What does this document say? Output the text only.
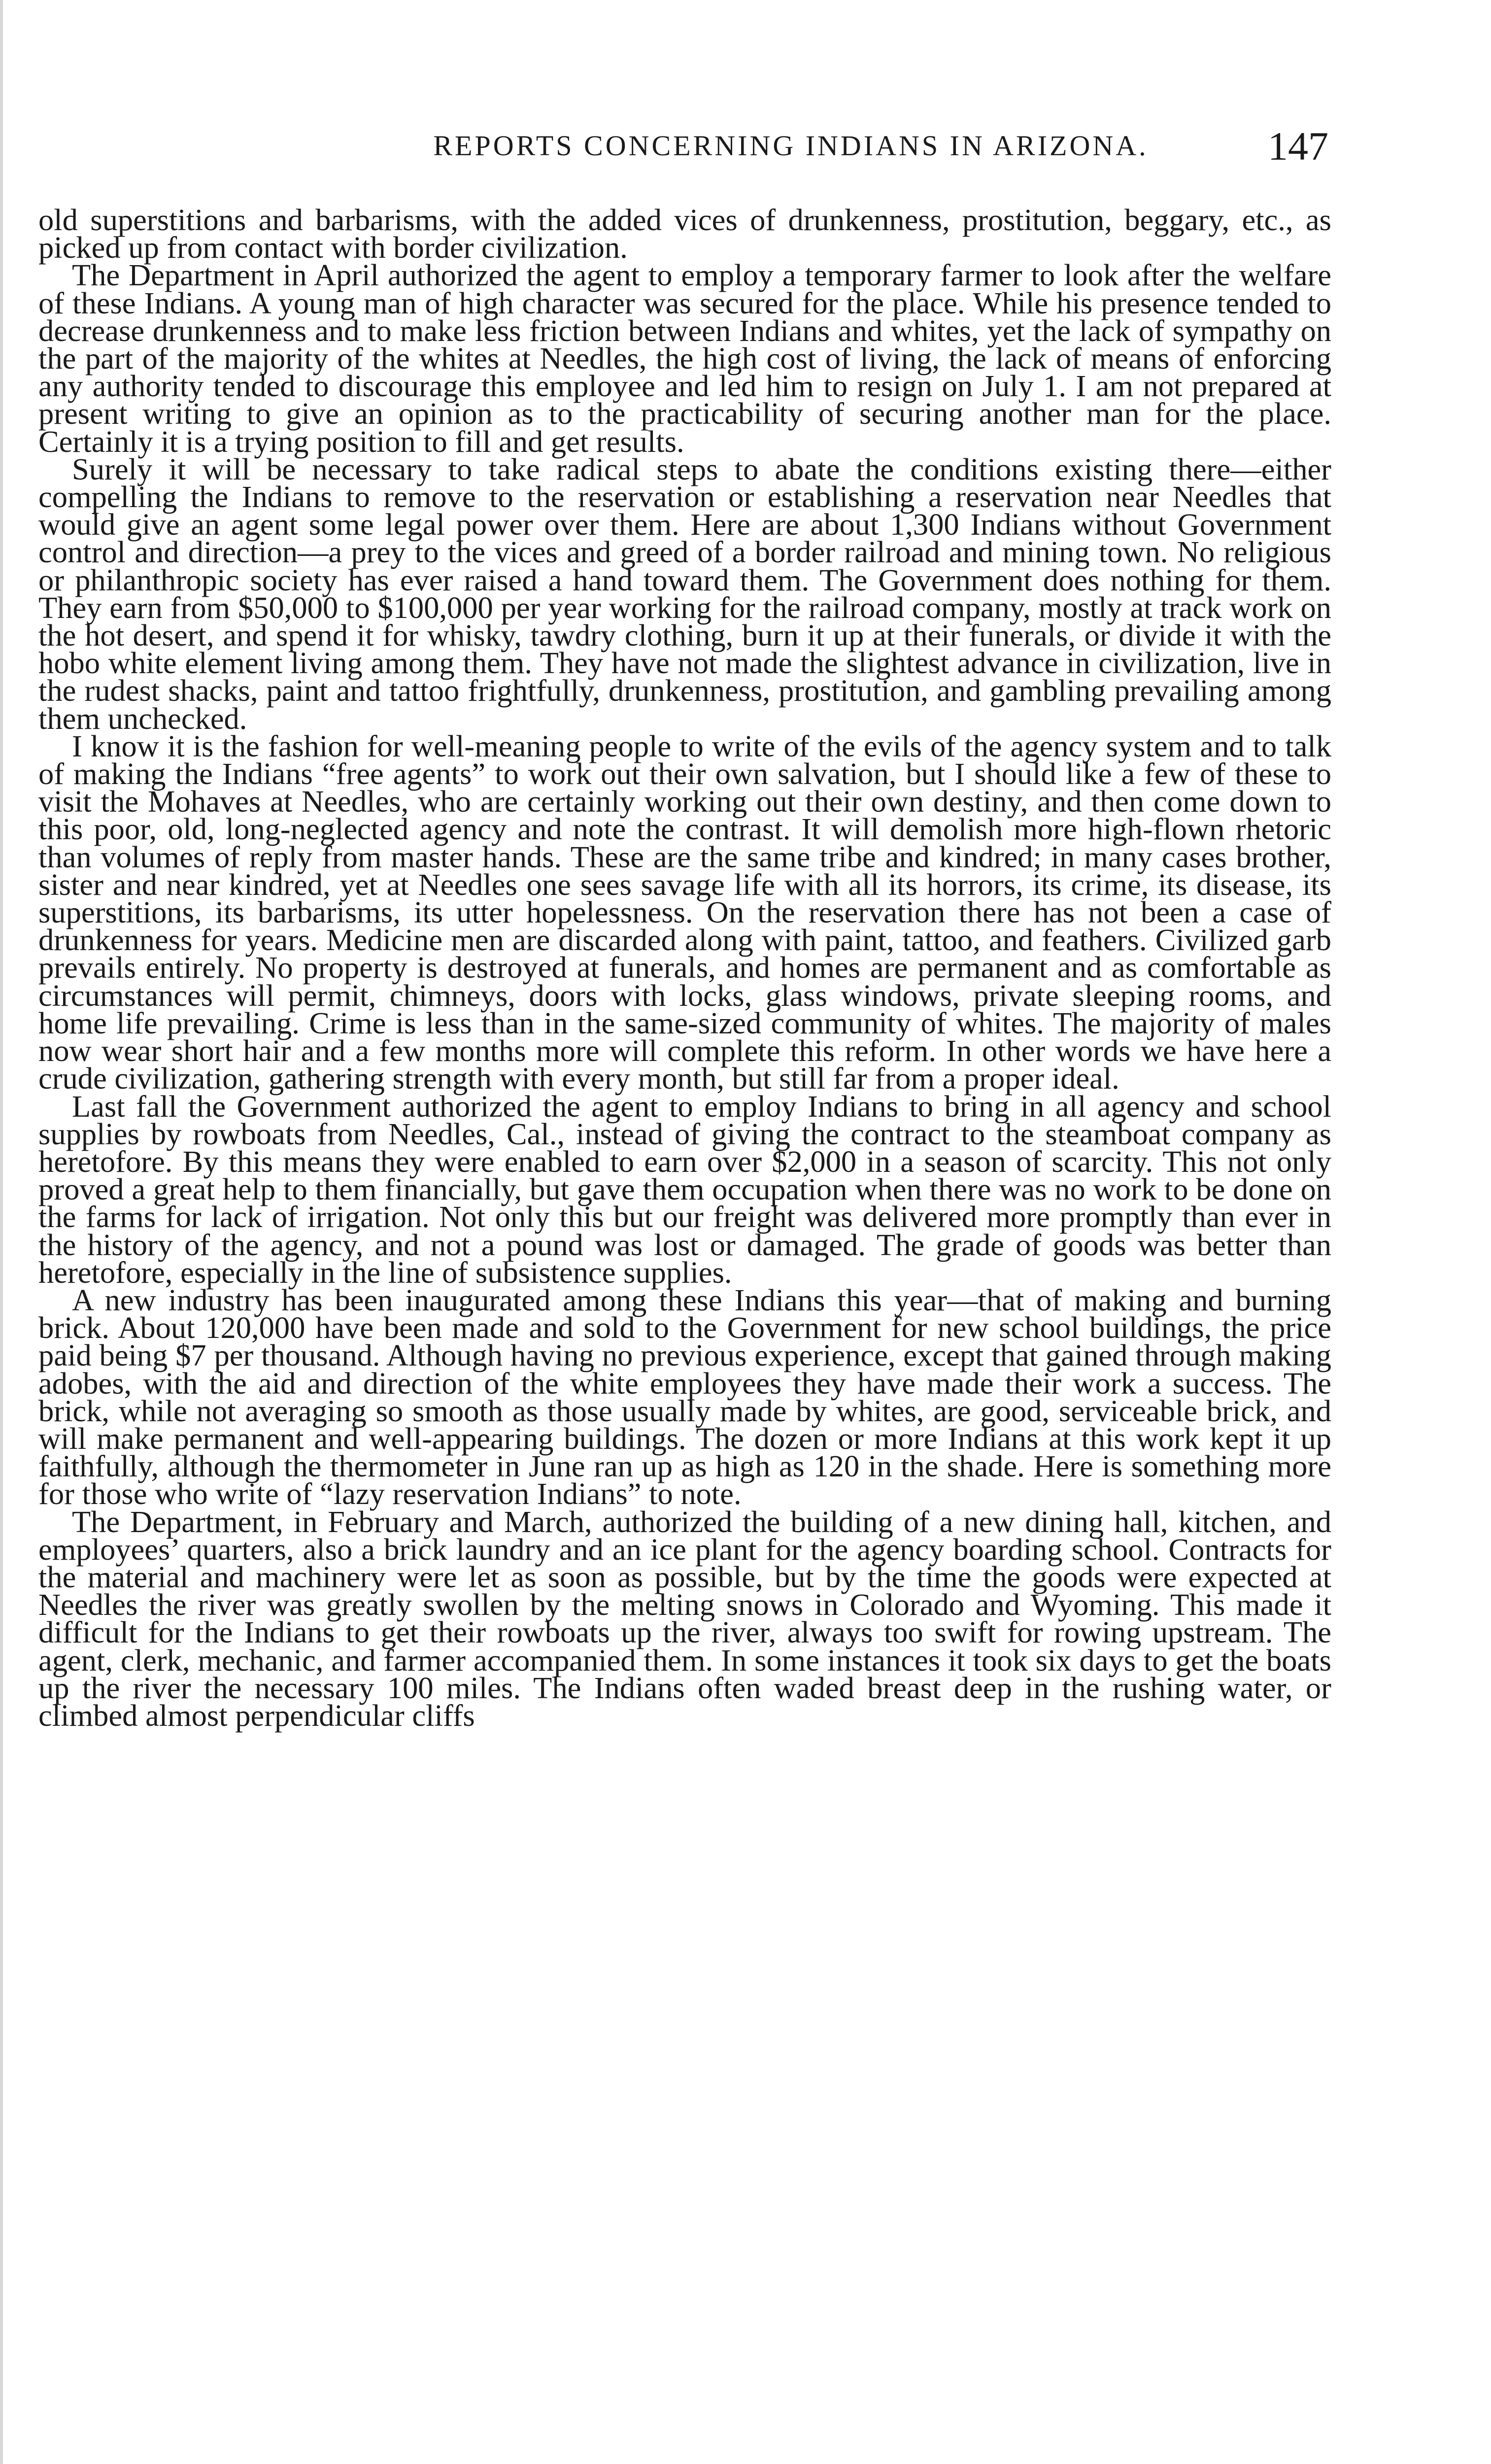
REPORTS CONCERNING INDIANS IN ARIZONA.	147

old superstitions and barbarisms, with the added vices of drunkenness, prostitution, beggary, etc., as picked up from contact with border civilization.

The Department in April authorized the agent to employ a temporary farmer to look after the welfare of these Indians. A young man of high character was secured for the place. While his presence tended to decrease drunkenness and to make less friction between Indians and whites, yet the lack of sympathy on the part of the majority of the whites at Needles, the high cost of living, the lack of means of enforcing any authority tended to discourage this employee and led him to resign on July 1. I am not prepared at present writing to give an opinion as to the practicability of securing another man for the place. Certainly it is a trying position to fill and get results.

Surely it will be necessary to take radical steps to abate the conditions existing there—either compelling the Indians to remove to the reservation or establishing a reservation near Needles that would give an agent some legal power over them. Here are about 1,300 Indians without Government control and direction—a prey to the vices and greed of a border railroad and mining town. No religious or philanthropic society has ever raised a hand toward them. The Government does nothing for them. They earn from $50,000 to $100,000 per year working for the railroad company, mostly at track work on the hot desert, and spend it for whisky, tawdry clothing, burn it up at their funerals, or divide it with the hobo white element living among them. They have not made the slightest advance in civilization, live in the rudest shacks, paint and tattoo frightfully, drunkenness, prostitution, and gambling prevailing among them unchecked.

I know it is the fashion for well-meaning people to write of the evils of the agency system and to talk of making the Indians “free agents” to work out their own salvation, but I should like a few of these to visit the Mohaves at Needles, who are certainly working out their own destiny, and then come down to this poor, old, long-neglected agency and note the contrast. It will demolish more high-flown rhetoric than volumes of reply from master hands. These are the same tribe and kindred; in many cases brother, sister and near kindred, yet at Needles one sees savage life with all its horrors, its crime, its disease, its superstitions, its barbarisms, its utter hopelessness. On the reservation there has not been a case of drunkenness for years. Medicine men are discarded along with paint, tattoo, and feathers. Civilized garb prevails entirely. No property is destroyed at funerals, and homes are permanent and as comfortable as circumstances will permit, chimneys, doors with locks, glass windows, private sleeping rooms, and home life prevailing. Crime is less than in the same-sized community of whites. The majority of males now wear short hair and a few months more will complete this reform. In other words we have here a crude civilization, gathering strength with every month, but still far from a proper ideal.

Last fall the Government authorized the agent to employ Indians to bring in all agency and school supplies by rowboats from Needles, Cal., instead of giving the contract to the steamboat company as heretofore. By this means they were enabled to earn over $2,000 in a season of scarcity. This not only proved a great help to them financially, but gave them occupation when there was no work to be done on the farms for lack of irrigation. Not only this but our freight was delivered more promptly than ever in the history of the agency, and not a pound was lost or damaged. The grade of goods was better than heretofore, especially in the line of subsistence supplies.

A new industry has been inaugurated among these Indians this year—that of making and burning brick. About 120,000 have been made and sold to the Government for new school buildings, the price paid being $7 per thousand. Although having no previous experience, except that gained through making adobes, with the aid and direction of the white employees they have made their work a success. The brick, while not averaging so smooth as those usually made by whites, are good, serviceable brick, and will make permanent and well-appearing buildings. The dozen or more Indians at this work kept it up faithfully, although the thermometer in June ran up as high as 120 in the shade. Here is something more for those who write of “lazy reservation Indians” to note.

The Department, in February and March, authorized the building of a new dining hall, kitchen, and employees’ quarters, also a brick laundry and an ice plant for the agency boarding school. Contracts for the material and machinery were let as soon as possible, but by the time the goods were expected at Needles the river was greatly swollen by the melting snows in Colorado and Wyoming. This made it difficult for the Indians to get their rowboats up the river, always too swift for rowing upstream. The agent, clerk, mechanic, and farmer accompanied them. In some instances it took six days to get the boats up the river the necessary 100 miles. The Indians often waded breast deep in the rushing water, or climbed almost perpendicular cliffs
